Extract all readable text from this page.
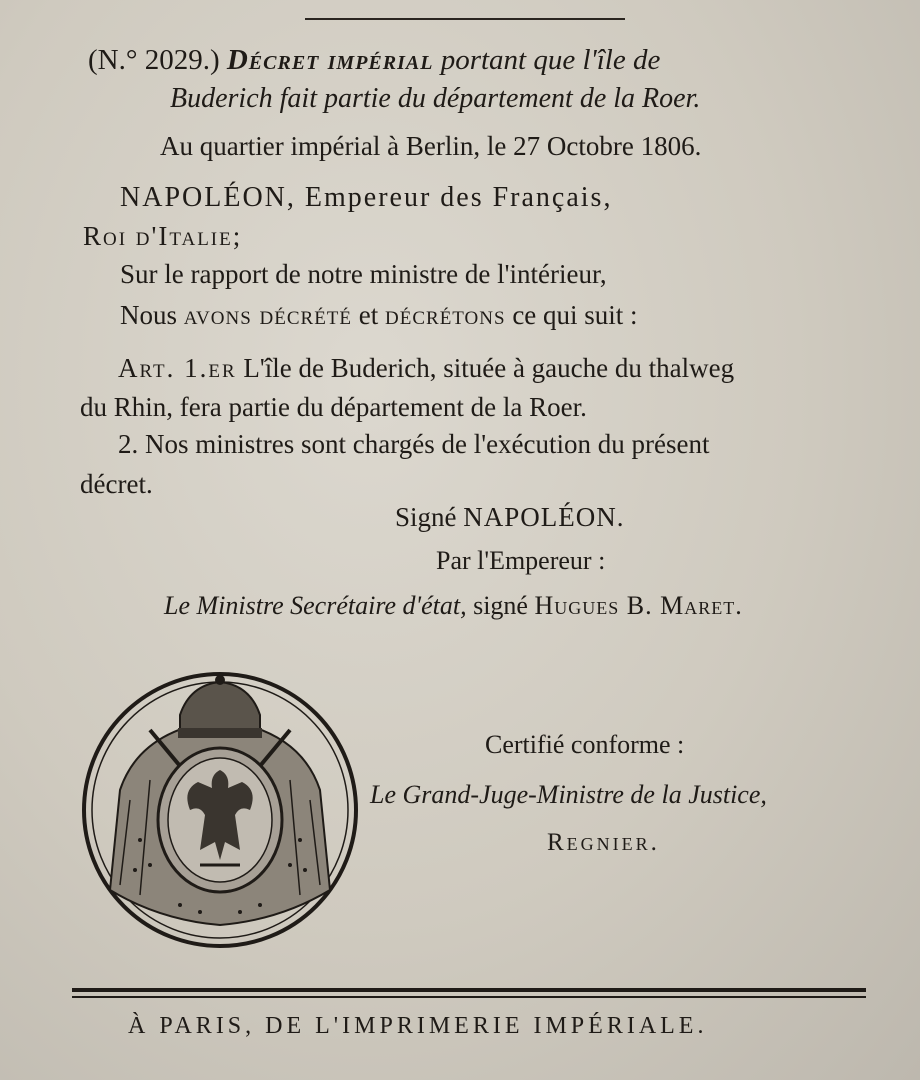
(N.° 2029.) Décret impérial portant que l'île de
Buderich fait partie du département de la Roer.
Au quartier impérial à Berlin, le 27 Octobre 1806.
NAPOLÉON, Empereur des Français,
Roi d'Italie;
Sur le rapport de notre ministre de l'intérieur,
Nous avons décrété et décrétons ce qui suit :
Art. 1.er L'île de Buderich, située à gauche du thalweg
du Rhin, fera partie du département de la Roer.
2. Nos ministres sont chargés de l'exécution du présent
décret.
Signé NAPOLÉON.
Par l'Empereur :
Le Ministre Secrétaire d'état, signé Hugues B. Maret.
Certifié conforme :
Le Grand-Juge-Ministre de la Justice,
Regnier.
À PARIS, DE L'IMPRIMERIE IMPÉRIALE.
